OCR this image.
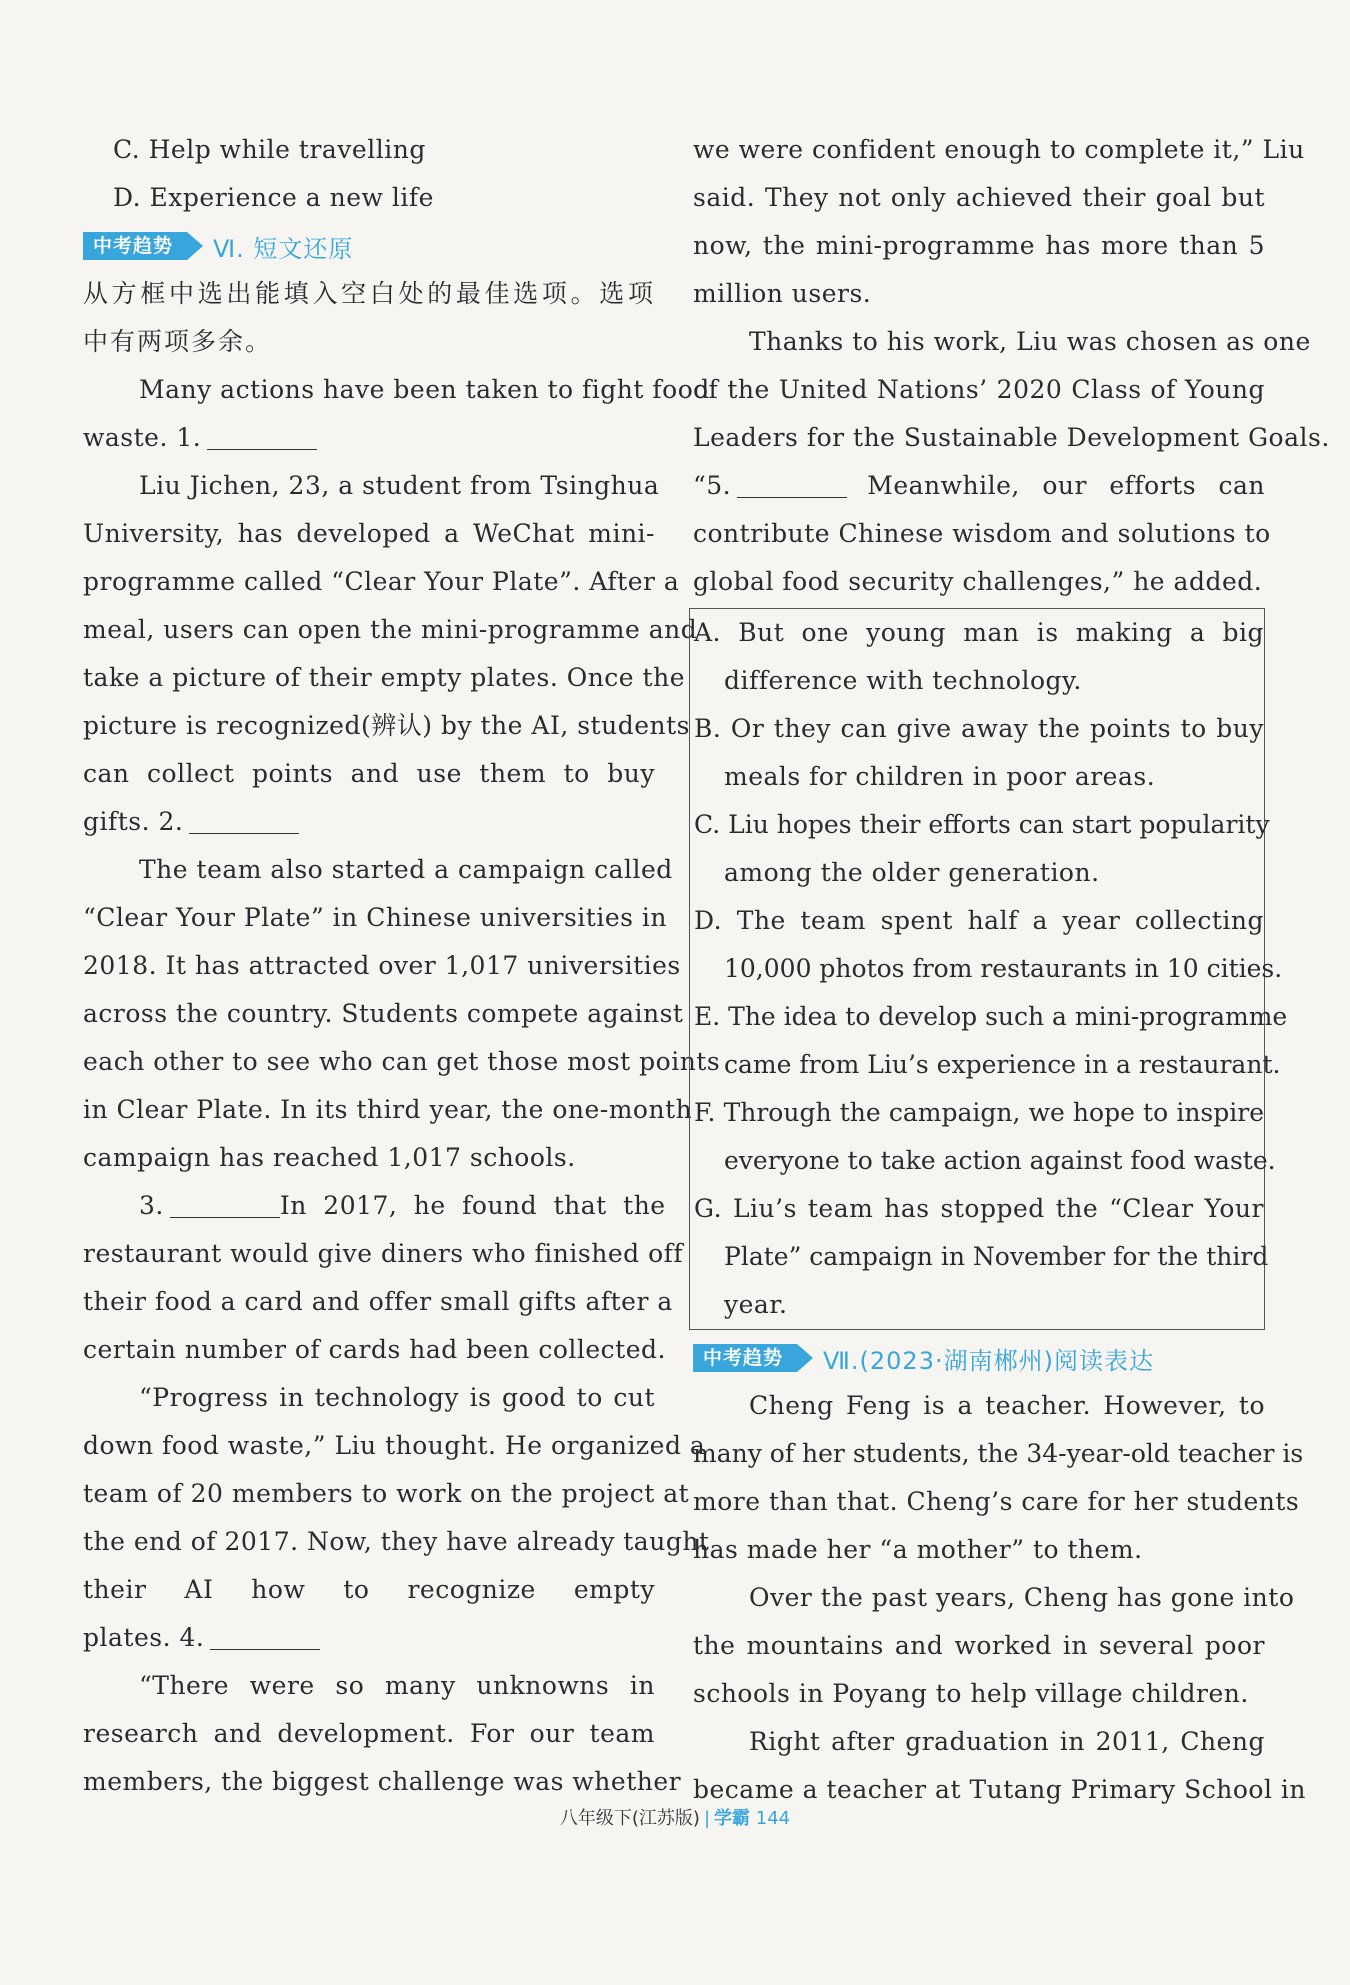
C. Help while travelling
D. Experience a new life
中考趋势	Ⅵ. 短文还原
从方框中选出能填入空白处的最佳选项。选项
中有两项多余。
Many actions have been taken to fight food
waste. 1.
Liu Jichen, 23, a student from Tsinghua
University, has developed a WeChat mini-
programme called “Clear Your Plate”. After a
meal, users can open the mini-programme and
take a picture of their empty plates. Once the
picture is recognized(辨认) by the AI, students
can collect points and use them to buy
gifts. 2.
The team also started a campaign called
“Clear Your Plate” in Chinese universities in
2018. It has attracted over 1,017 universities
across the country. Students compete against
each other to see who can get those most points
in Clear Plate. In its third year, the one-month
campaign has reached 1,017 schools.
3.	In 2017, he found that the
restaurant would give diners who finished off
their food a card and offer small gifts after a
certain number of cards had been collected.
“Progress in technology is good to cut
down food waste,” Liu thought. He organized a
team of 20 members to work on the project at
the end of 2017. Now, they have already taught
their AI how to recognize empty
plates. 4.
“There were so many unknowns in
research and development. For our team
members, the biggest challenge was whether
we were confident enough to complete it,” Liu
said. They not only achieved their goal but
now, the mini-programme has more than 5
million users.
Thanks to his work, Liu was chosen as one
of the United Nations’ 2020 Class of Young
Leaders for the Sustainable Development Goals.
“5.	Meanwhile, our efforts can
contribute Chinese wisdom and solutions to
global food security challenges,” he added.
A. But one young man is making a big
difference with technology.
B. Or they can give away the points to buy
meals for children in poor areas.
C. Liu hopes their efforts can start popularity
among the older generation.
D. The team spent half a year collecting
10,000 photos from restaurants in 10 cities.
E. The idea to develop such a mini-programme
came from Liu’s experience in a restaurant.
F. Through the campaign, we hope to inspire
everyone to take action against food waste.
G. Liu’s team has stopped the “Clear Your
Plate” campaign in November for the third
year.
中考趋势	Ⅶ.(2023·湖南郴州)阅读表达
Cheng Feng is a teacher. However, to
many of her students, the 34-year-old teacher is
more than that. Cheng’s care for her students
has made her “a mother” to them.
Over the past years, Cheng has gone into
the mountains and worked in several poor
schools in Poyang to help village children.
Right after graduation in 2011, Cheng
became a teacher at Tutang Primary School in
八年级下(江苏版) | 学霸 144
